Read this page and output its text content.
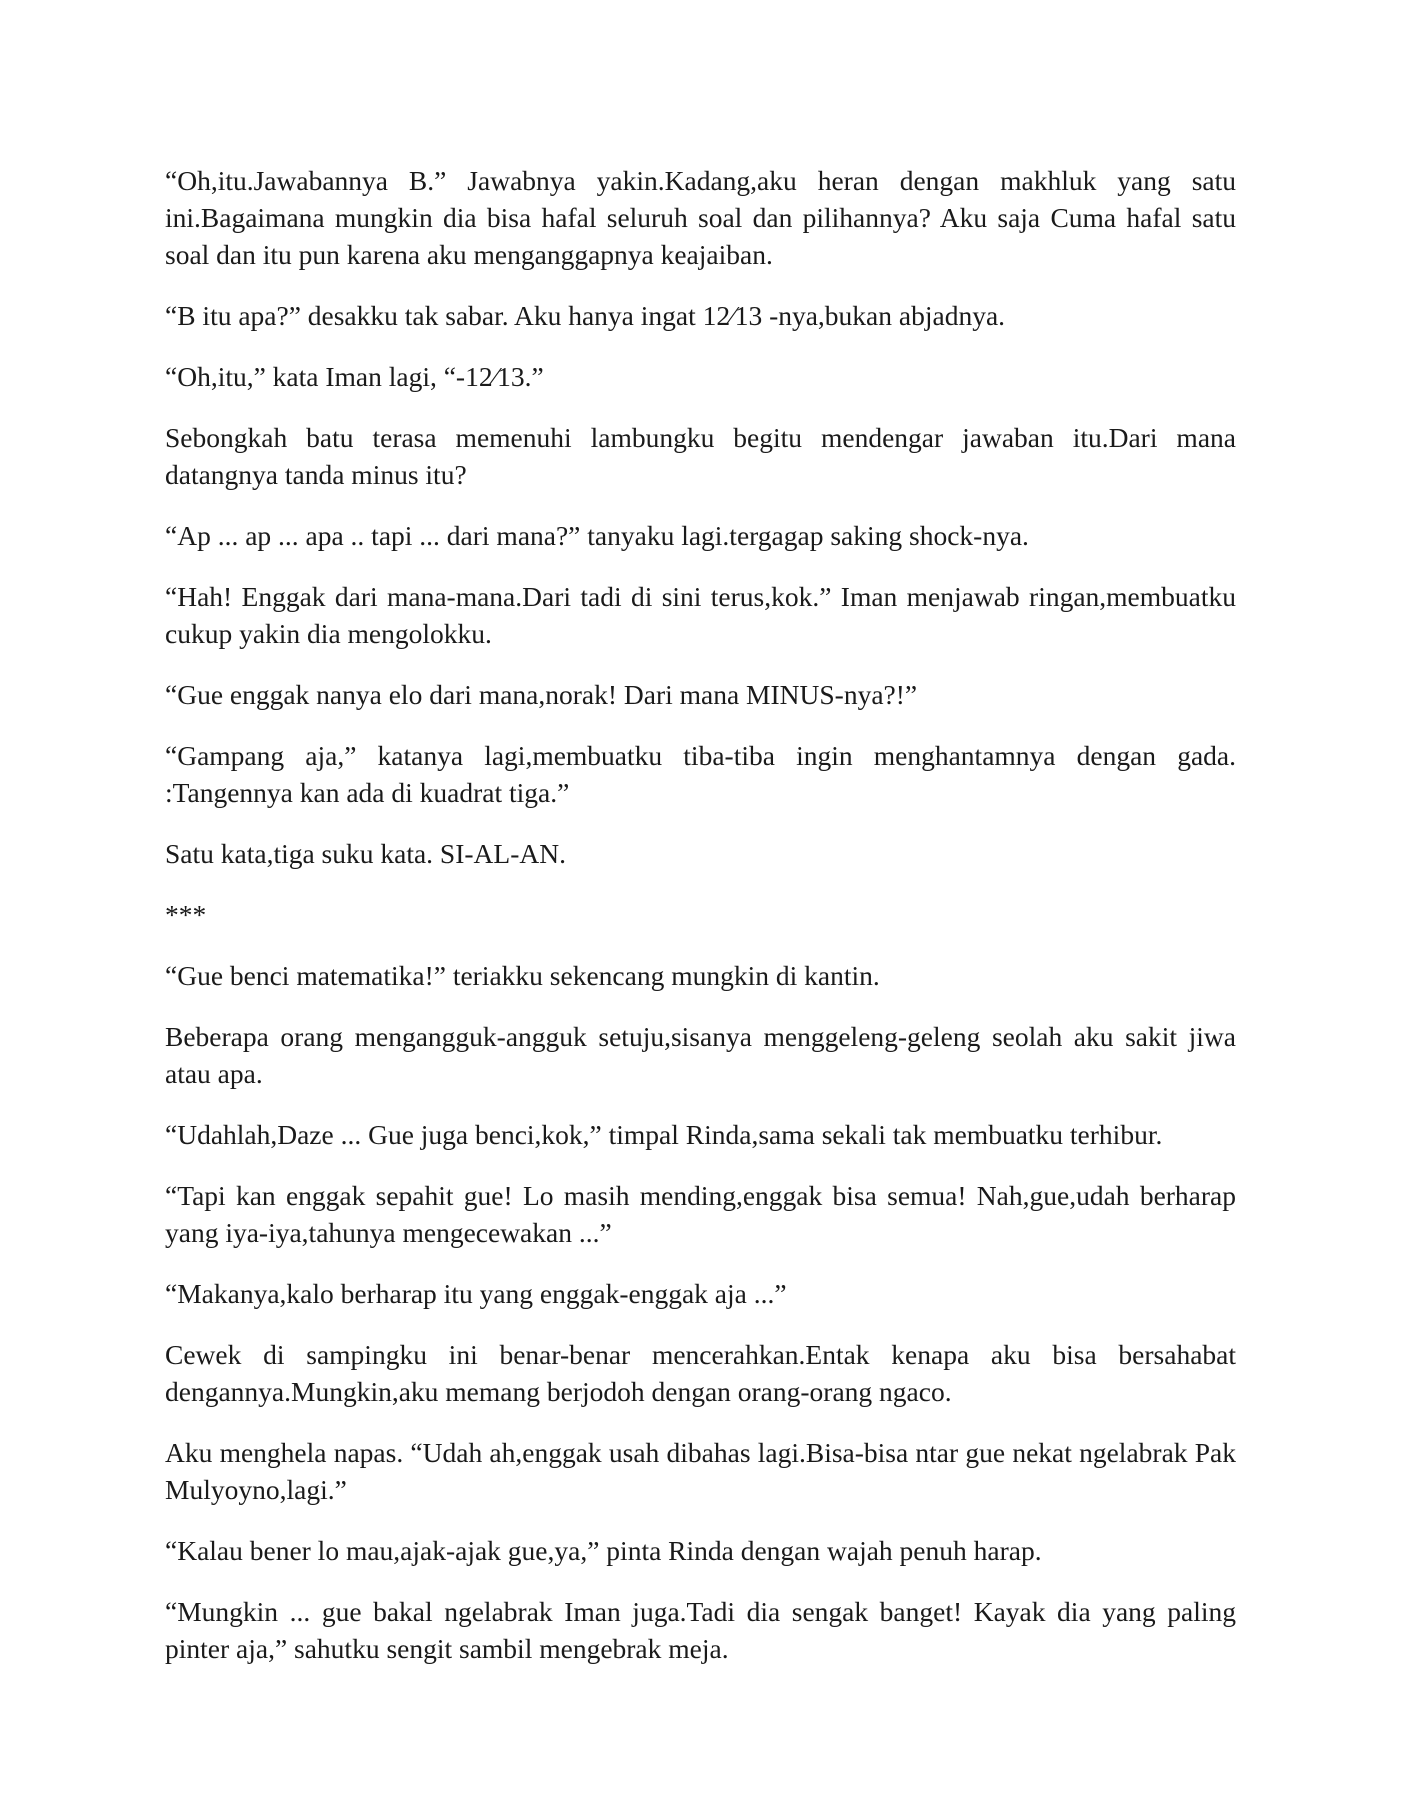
“Oh,itu.Jawabannya B.” Jawabnya yakin.Kadang,aku heran dengan makhluk yang satu ini.Bagaimana mungkin dia bisa hafal seluruh soal dan pilihannya? Aku saja Cuma hafal satu soal dan itu pun karena aku menganggapnya keajaiban.

“B itu apa?” desakku tak sabar. Aku hanya ingat 12⁄13 -nya,bukan abjadnya.

“Oh,itu,” kata Iman lagi, “-12⁄13.”

Sebongkah batu terasa memenuhi lambungku begitu mendengar jawaban itu.Dari mana datangnya tanda minus itu?

“Ap ... ap ... apa .. tapi ... dari mana?” tanyaku lagi.tergagap saking shock-nya.

“Hah! Enggak dari mana-mana.Dari tadi di sini terus,kok.” Iman menjawab ringan,membuatku cukup yakin dia mengolokku.

“Gue enggak nanya elo dari mana,norak! Dari mana MINUS-nya?!”

“Gampang aja,” katanya lagi,membuatku tiba-tiba ingin menghantamnya dengan gada. :Tangennya kan ada di kuadrat tiga.”

Satu kata,tiga suku kata. SI-AL-AN.

***

“Gue benci matematika!” teriakku sekencang mungkin di kantin.

Beberapa orang mengangguk-angguk setuju,sisanya menggeleng-geleng seolah aku sakit jiwa atau apa.

“Udahlah,Daze ... Gue juga benci,kok,” timpal Rinda,sama sekali tak membuatku terhibur.

“Tapi kan enggak sepahit gue! Lo masih mending,enggak bisa semua! Nah,gue,udah berharap yang iya-iya,tahunya mengecewakan ...”

“Makanya,kalo berharap itu yang enggak-enggak aja ...”

Cewek di sampingku ini benar-benar mencerahkan.Entak kenapa aku bisa bersahabat dengannya.Mungkin,aku memang berjodoh dengan orang-orang ngaco.

Aku menghela napas. “Udah ah,enggak usah dibahas lagi.Bisa-bisa ntar gue nekat ngelabrak Pak Mulyoyno,lagi.”

“Kalau bener lo mau,ajak-ajak gue,ya,” pinta Rinda dengan wajah penuh harap.

“Mungkin ... gue bakal ngelabrak Iman juga.Tadi dia sengak banget! Kayak dia yang paling pinter aja,” sahutku sengit sambil mengebrak meja.
